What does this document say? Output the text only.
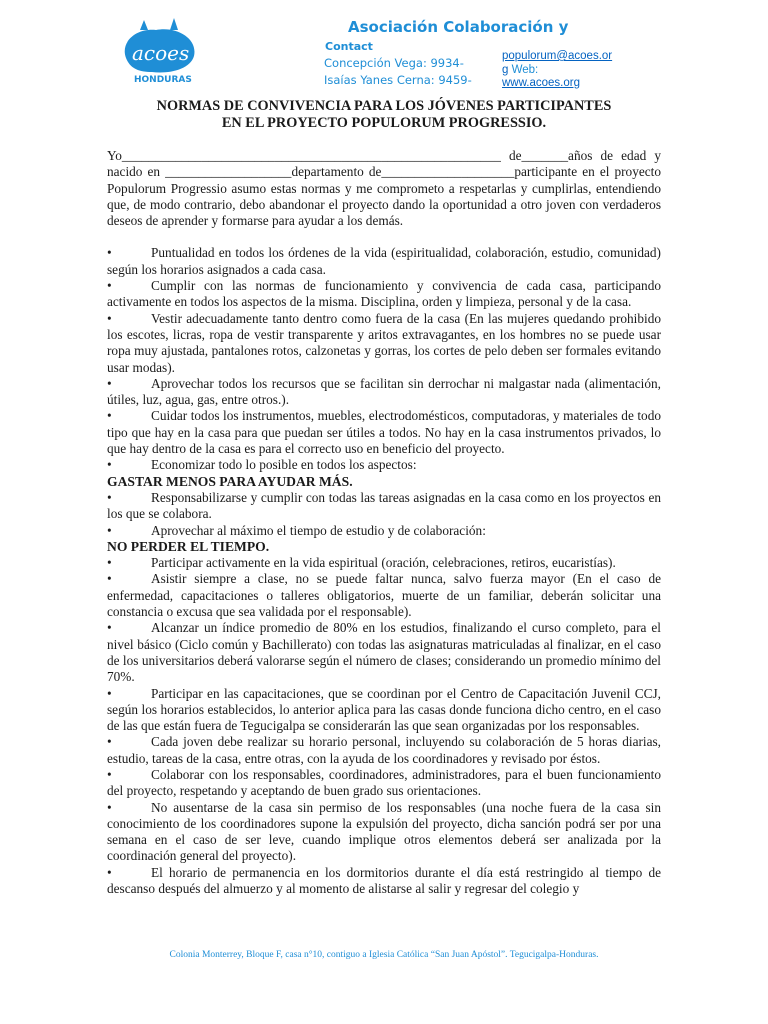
acoes
HONDURAS
Asociación Colaboración y
Contact
Concepción Vega: 9934-
Isaías Yanes Cerna: 9459-
populorum@acoes.org Web:
www.acoes.org
NORMAS DE CONVIVENCIA PARA LOS JÓVENES PARTICIPANTES
EN EL PROYECTO POPULORUM PROGRESSIO.

Yo_________________________________________________________ de_______años de edad y nacido en ___________________departamento de____________________participante en el proyecto Populorum Progressio asumo estas normas y me comprometo a respetarlas y cumplirlas, entendiendo que, de modo contrario, debo abandonar el proyecto dando la oportunidad a otro joven con verdaderos deseos de aprender y formarse para ayudar a los demás.

•	Puntualidad en todos los órdenes de la vida (espiritualidad, colaboración, estudio, comunidad) según los horarios asignados a cada casa.

•	Cumplir con las normas de funcionamiento y convivencia de cada casa, participando activamente en todos los aspectos de la misma. Disciplina, orden y limpieza, personal y de la casa.

•	Vestir adecuadamente tanto dentro como fuera de la casa (En las mujeres quedando prohibido los escotes, licras, ropa de vestir transparente y aritos extravagantes, en los hombres no se puede usar ropa muy ajustada, pantalones rotos, calzonetas y gorras, los cortes de pelo deben ser formales evitando usar modas).

•	Aprovechar todos los recursos que se facilitan sin derrochar ni malgastar nada (alimentación, útiles, luz, agua, gas, entre otros.).

•	Cuidar todos los instrumentos, muebles, electrodomésticos, computadoras, y materiales de todo tipo que hay en la casa para que puedan ser útiles a todos. No hay en la casa instrumentos privados, lo que hay dentro de la casa es para el correcto uso en beneficio del proyecto.

•	Economizar todo lo posible en todos los aspectos:

GASTAR MENOS PARA AYUDAR MÁS.

•	Responsabilizarse y cumplir con todas las tareas asignadas en la casa como en los proyectos en los que se colabora.

•	Aprovechar al máximo el tiempo de estudio y de colaboración:

NO PERDER EL TIEMPO.

•	Participar activamente en la vida espiritual (oración, celebraciones, retiros, eucaristías).

•	Asistir siempre a clase, no se puede faltar nunca, salvo fuerza mayor (En el caso de enfermedad, capacitaciones o talleres obligatorios, muerte de un familiar, deberán solicitar una constancia o excusa que sea validada por el responsable).

•	Alcanzar un índice promedio de 80% en los estudios, finalizando el curso completo, para el nivel básico (Ciclo común y Bachillerato) con todas las asignaturas matriculadas al finalizar, en el caso de los universitarios deberá valorarse según el número de clases; considerando un promedio mínimo del 70%.

•	Participar en las capacitaciones, que se coordinan por el Centro de Capacitación Juvenil CCJ, según los horarios establecidos, lo anterior aplica para las casas donde funciona dicho centro, en el caso de las que están fuera de Tegucigalpa se considerarán las que sean organizadas por los responsables.

•	Cada joven debe realizar su horario personal, incluyendo su colaboración de 5 horas diarias, estudio, tareas de la casa, entre otras, con la ayuda de los coordinadores y revisado por éstos.

•	Colaborar con los responsables, coordinadores, administradores, para el buen funcionamiento del proyecto, respetando y aceptando de buen grado sus orientaciones.

•	No ausentarse de la casa sin permiso de los responsables (una noche fuera de la casa sin conocimiento de los coordinadores supone la expulsión del proyecto, dicha sanción podrá ser por una semana en el caso de ser leve, cuando implique otros elementos deberá ser analizada por la coordinación general del proyecto).

•	El horario de permanencia en los dormitorios durante el día está restringido al tiempo de descanso después del almuerzo y al momento de alistarse al salir y regresar del colegio y

Colonia Monterrey, Bloque F, casa n°10, contiguo a Iglesia Católica “San Juan Apóstol”. Tegucigalpa-Honduras.
